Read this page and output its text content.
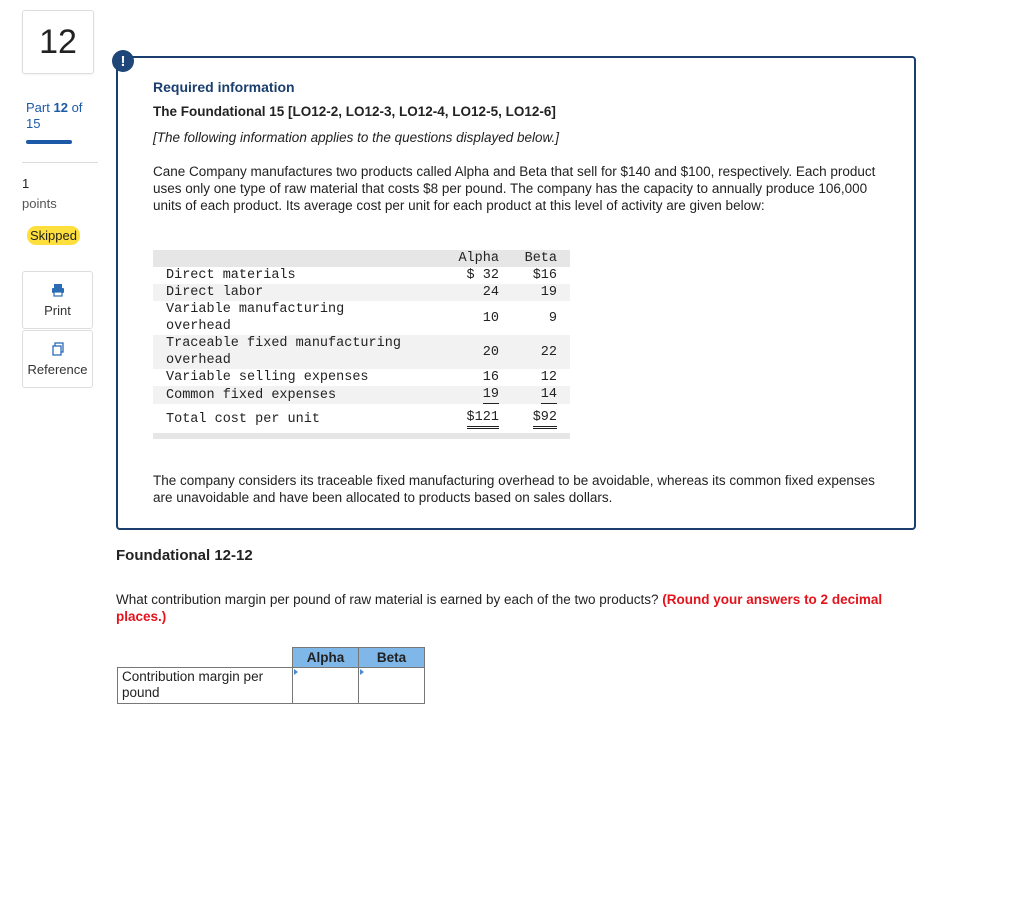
12
Part 12 of
15
1
points
Skipped
Print
Reference
!
Required information
The Foundational 15 [LO12-2, LO12-3, LO12-4, LO12-5, LO12-6]
[The following information applies to the questions displayed below.]
Cane Company manufactures two products called Alpha and Beta that sell for $140 and $100, respectively. Each product uses only one type of raw material that costs $8 per pound. The company has the capacity to annually produce 106,000 units of each product. Its average cost per unit for each product at this level of activity are given below:
	Alpha	Beta
Direct materials	$ 32	$16
Direct labor	24	19
Variable manufacturing overhead	10	9
Traceable fixed manufacturing overhead	20	22
Variable selling expenses	16	12
Common fixed expenses	19	14
Total cost per unit	$121	$92
The company considers its traceable fixed manufacturing overhead to be avoidable, whereas its common fixed expenses are unavoidable and have been allocated to products based on sales dollars.
Foundational 12-12
What contribution margin per pound of raw material is earned by each of the two products? (Round your answers to 2 decimal places.)
	Alpha	Beta
Contribution margin per pound	
